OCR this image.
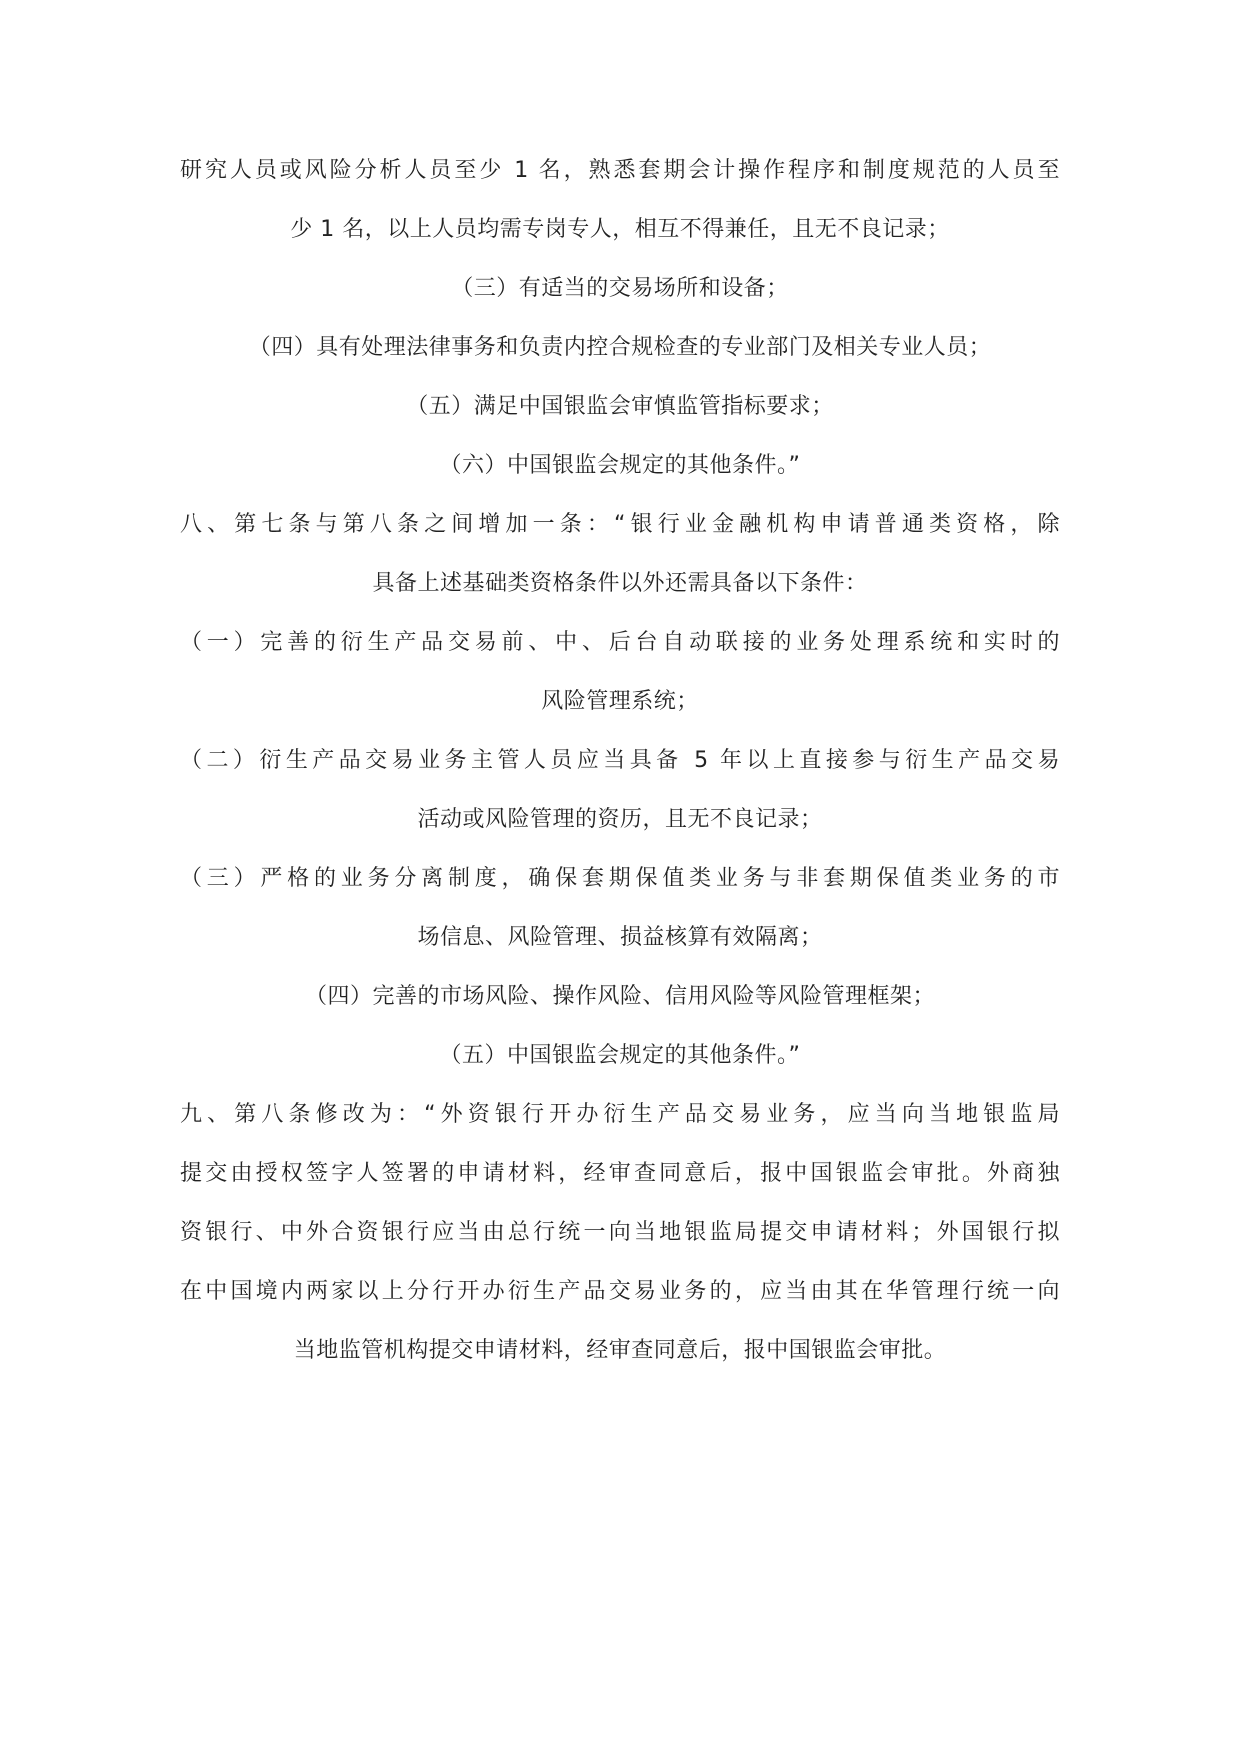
研究人员或风险分析人员至少 1 名，熟悉套期会计操作程序和制度规范的人员至
少 1 名，以上人员均需专岗专人，相互不得兼任，且无不良记录；
（三）有适当的交易场所和设备；
（四）具有处理法律事务和负责内控合规检查的专业部门及相关专业人员；
（五）满足中国银监会审慎监管指标要求；
（六）中国银监会规定的其他条件。”
八、第七条与第八条之间增加一条：“银行业金融机构申请普通类资格，除
具备上述基础类资格条件以外还需具备以下条件：
（一）完善的衍生产品交易前、中、后台自动联接的业务处理系统和实时的
风险管理系统；
（二）衍生产品交易业务主管人员应当具备 5 年以上直接参与衍生产品交易
活动或风险管理的资历，且无不良记录；
（三）严格的业务分离制度，确保套期保值类业务与非套期保值类业务的市
场信息、风险管理、损益核算有效隔离；
（四）完善的市场风险、操作风险、信用风险等风险管理框架；
（五）中国银监会规定的其他条件。”
九、第八条修改为：“外资银行开办衍生产品交易业务，应当向当地银监局
提交由授权签字人签署的申请材料，经审查同意后，报中国银监会审批。外商独
资银行、中外合资银行应当由总行统一向当地银监局提交申请材料；外国银行拟
在中国境内两家以上分行开办衍生产品交易业务的，应当由其在华管理行统一向
当地监管机构提交申请材料，经审查同意后，报中国银监会审批。
